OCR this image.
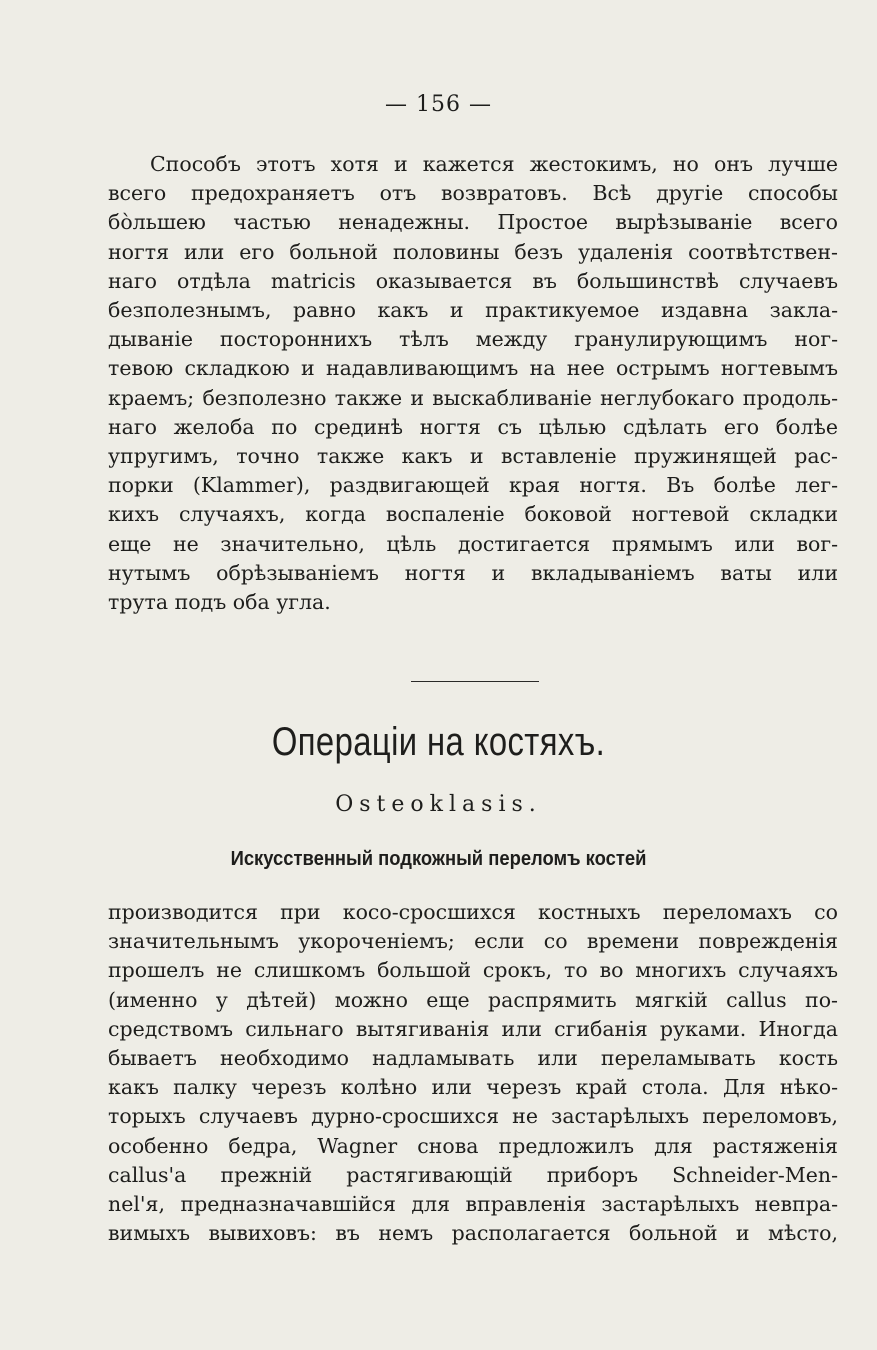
— 156 —
Способъ этотъ хотя и кажется жестокимъ, но онъ лучше
всего предохраняетъ отъ возвратовъ. Всѣ другіе способы
бо̀льшею частью ненадежны. Простое вырѣзываніе всего
ногтя или его больной половины безъ удаленія соотвѣтствен-
наго отдѣла matricis оказывается въ большинствѣ случаевъ
безполезнымъ, равно какъ и практикуемое издавна закла-
дываніе постороннихъ тѣлъ между гранулирующимъ ног-
тевою складкою и надавливающимъ на нее острымъ ногтевымъ
краемъ; безполезно также и выскабливаніе неглубокаго продоль-
наго желоба по срединѣ ногтя съ цѣлью сдѣлать его болѣе
упругимъ, точно также какъ и вставленіе пружинящей рас-
порки (Klammer), раздвигающей края ногтя. Въ болѣе лег-
кихъ случаяхъ, когда воспаленіе боковой ногтевой складки
еще не значительно, цѣль достигается прямымъ или вог-
нутымъ обрѣзываніемъ ногтя и вкладываніемъ ваты или
трута подъ оба угла.
Операціи на костяхъ.
Osteoklasis.
Искусственный подкожный переломъ костей
производится при косо-сросшихся костныхъ переломахъ со
значительнымъ укороченіемъ; если со времени поврежденія
прошелъ не слишкомъ большой срокъ, то во многихъ случаяхъ
(именно у дѣтей) можно еще распрямить мягкій callus по-
средствомъ сильнаго вытягиванія или сгибанія руками. Иногда
бываетъ необходимо надламывать или переламывать кость
какъ палку черезъ колѣно или черезъ край стола. Для нѣко-
торыхъ случаевъ дурно-сросшихся не застарѣлыхъ переломовъ,
особенно бедра, Wagner снова предложилъ для растяженія
callus'а прежній растягивающій приборъ Schneider-Men-
nel'я, предназначавшійся для вправленія застарѣлыхъ невпра-
вимыхъ вывиховъ: въ немъ располагается больной и мѣсто,
